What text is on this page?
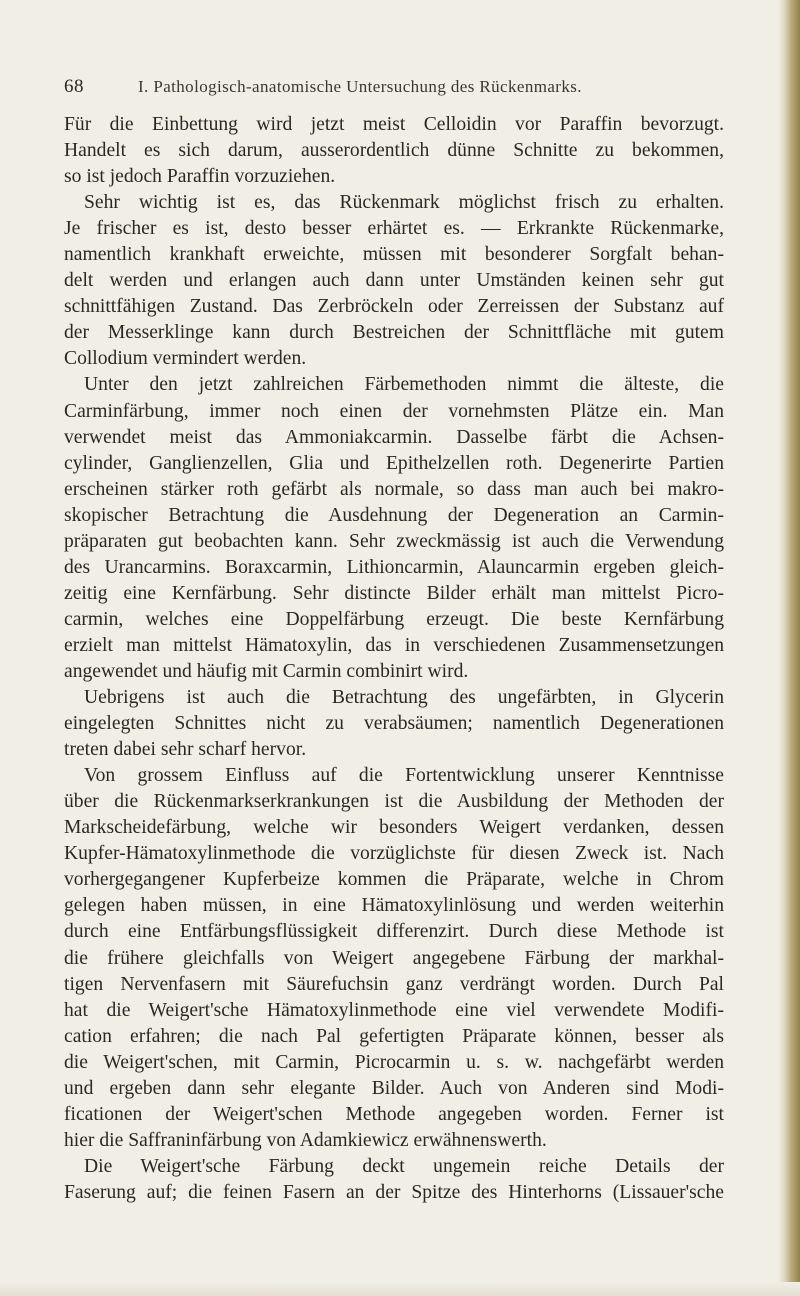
68	I. Pathologisch-anatomische Untersuchung des Rückenmarks.
Für die Einbettung wird jetzt meist Celloidin vor Paraffin bevorzugt.
Handelt es sich darum, ausserordentlich dünne Schnitte zu bekommen,
so ist jedoch Paraffin vorzuziehen.
Sehr wichtig ist es, das Rückenmark möglichst frisch zu erhalten.
Je frischer es ist, desto besser erhärtet es. — Erkrankte Rückenmarke,
namentlich krankhaft erweichte, müssen mit besonderer Sorgfalt behan-
delt werden und erlangen auch dann unter Umständen keinen sehr gut
schnittfähigen Zustand. Das Zerbröckeln oder Zerreissen der Substanz auf
der Messerklinge kann durch Bestreichen der Schnittfläche mit gutem
Collodium vermindert werden.
Unter den jetzt zahlreichen Färbemethoden nimmt die älteste, die
Carminfärbung, immer noch einen der vornehmsten Plätze ein. Man
verwendet meist das Ammoniakcarmin. Dasselbe färbt die Achsen-
cylinder, Ganglienzellen, Glia und Epithelzellen roth. Degenerirte Partien
erscheinen stärker roth gefärbt als normale, so dass man auch bei makro-
skopischer Betrachtung die Ausdehnung der Degeneration an Carmin-
präparaten gut beobachten kann. Sehr zweckmässig ist auch die Verwendung
des Urancarmins. Boraxcarmin, Lithioncarmin, Alauncarmin ergeben gleich-
zeitig eine Kernfärbung. Sehr distincte Bilder erhält man mittelst Picro-
carmin, welches eine Doppelfärbung erzeugt. Die beste Kernfärbung
erzielt man mittelst Hämatoxylin, das in verschiedenen Zusammensetzungen
angewendet und häufig mit Carmin combinirt wird.
Uebrigens ist auch die Betrachtung des ungefärbten, in Glycerin
eingelegten Schnittes nicht zu verabsäumen; namentlich Degenerationen
treten dabei sehr scharf hervor.
Von grossem Einfluss auf die Fortentwicklung unserer Kenntnisse
über die Rückenmarkserkrankungen ist die Ausbildung der Methoden der
Markscheidefärbung, welche wir besonders Weigert verdanken, dessen
Kupfer-Hämatoxylinmethode die vorzüglichste für diesen Zweck ist. Nach
vorhergegangener Kupferbeize kommen die Präparate, welche in Chrom
gelegen haben müssen, in eine Hämatoxylinlösung und werden weiterhin
durch eine Entfärbungsflüssigkeit differenzirt. Durch diese Methode ist
die frühere gleichfalls von Weigert angegebene Färbung der markhal-
tigen Nervenfasern mit Säurefuchsin ganz verdrängt worden. Durch Pal
hat die Weigert'sche Hämatoxylinmethode eine viel verwendete Modifi-
cation erfahren; die nach Pal gefertigten Präparate können, besser als
die Weigert'schen, mit Carmin, Picrocarmin u. s. w. nachgefärbt werden
und ergeben dann sehr elegante Bilder. Auch von Anderen sind Modi-
ficationen der Weigert'schen Methode angegeben worden. Ferner ist
hier die Saffraninfärbung von Adamkiewicz erwähnenswerth.
Die Weigert'sche Färbung deckt ungemein reiche Details der
Faserung auf; die feinen Fasern an der Spitze des Hinterhorns (Lissauer'sche
